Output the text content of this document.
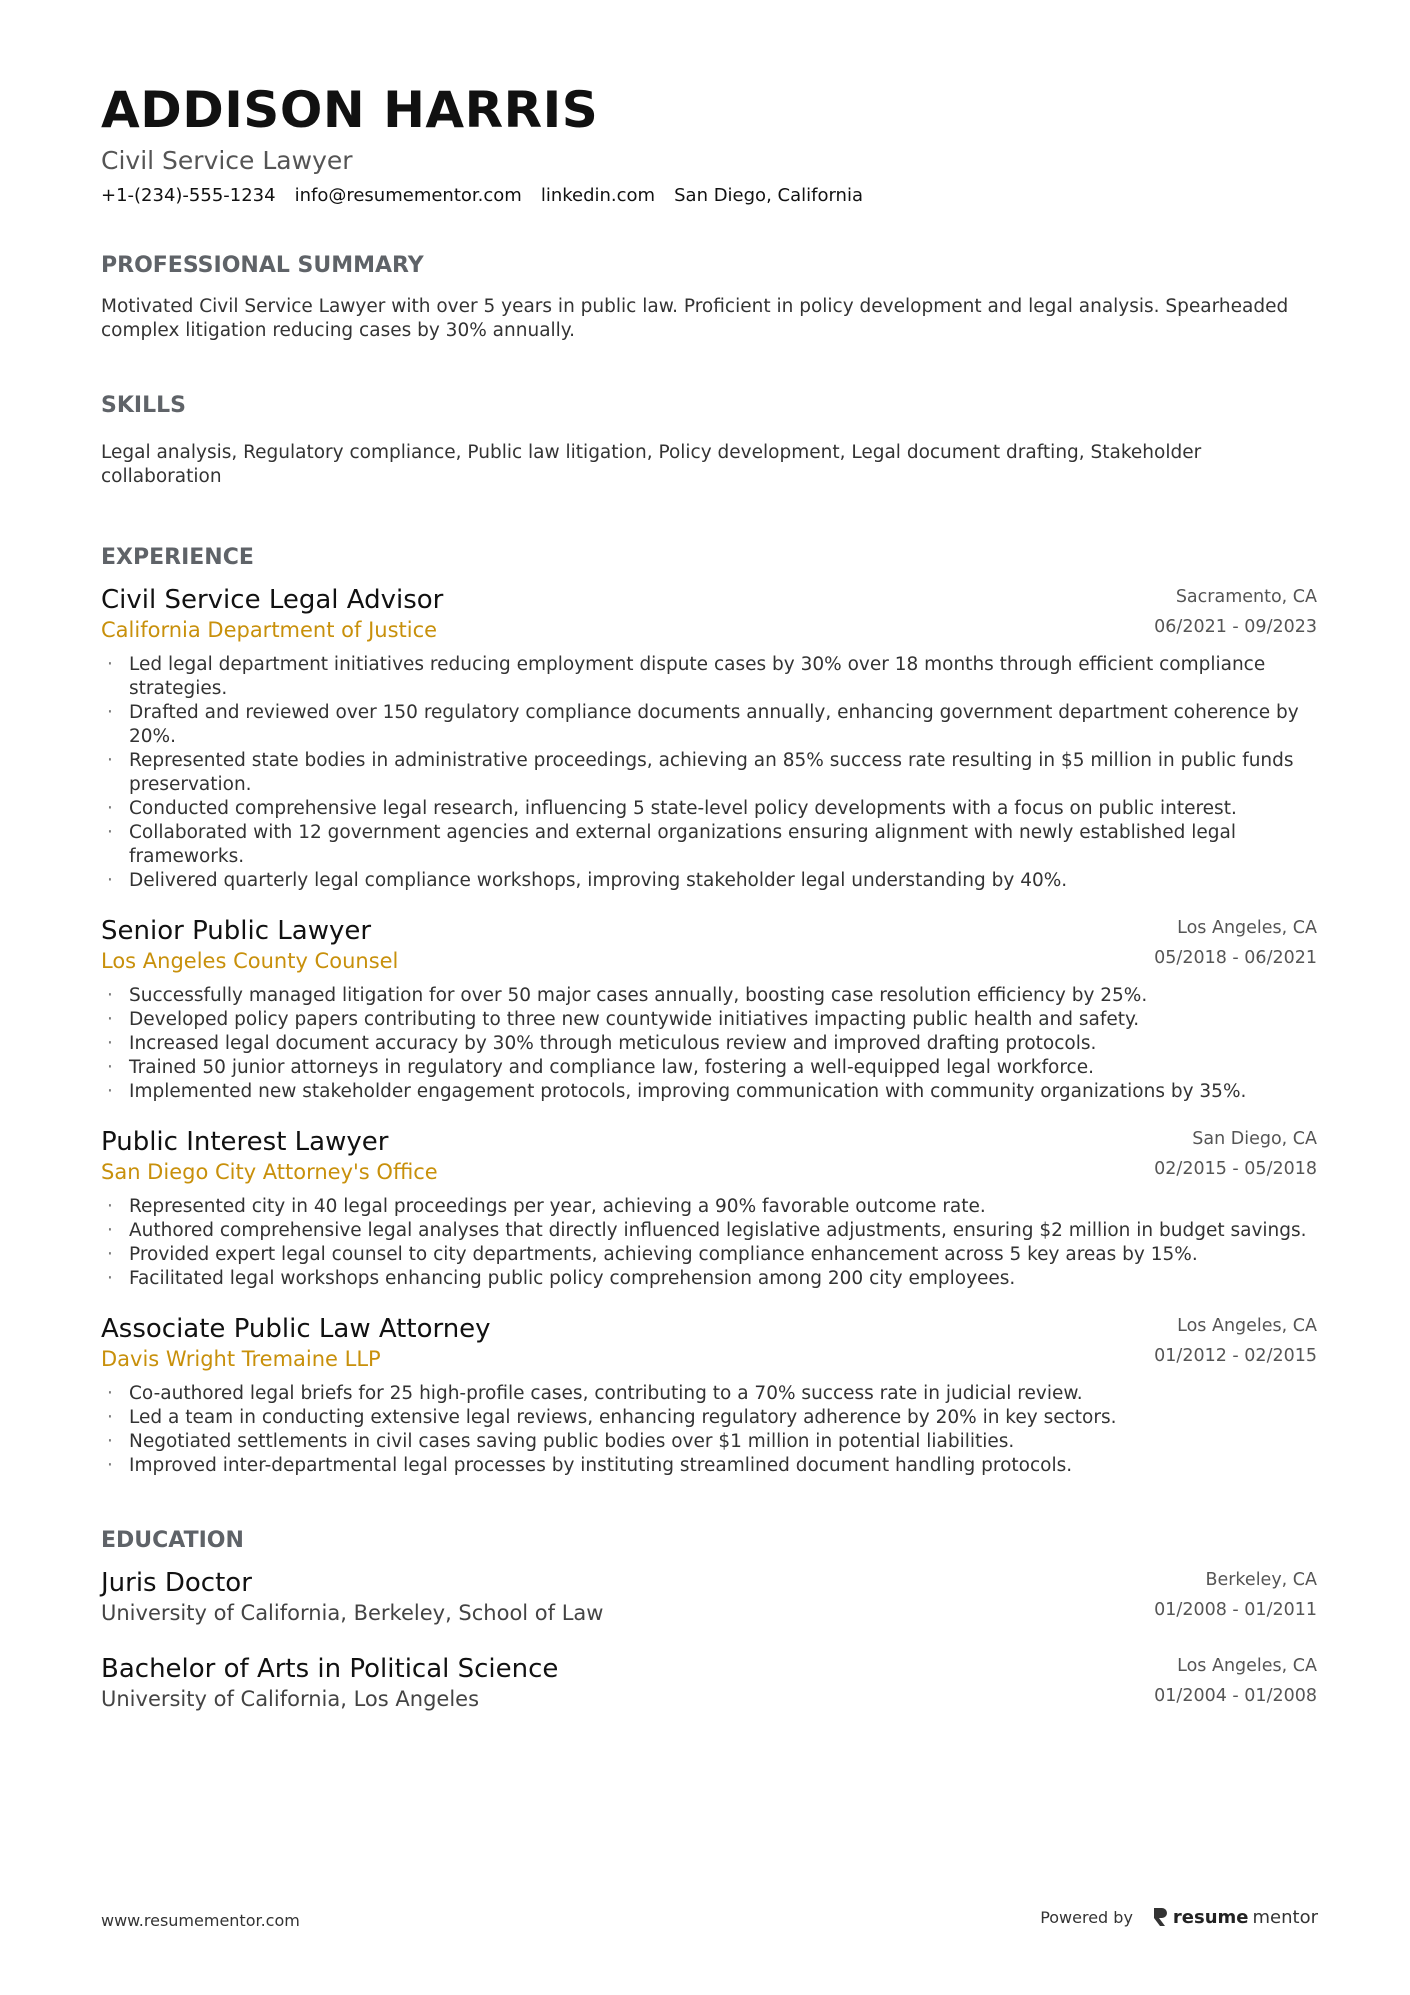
ADDISON HARRIS
Civil Service Lawyer
+1-(234)-555-1234 info@resumementor.com linkedin.com San Diego, California
PROFESSIONAL SUMMARY

Motivated Civil Service Lawyer with over 5 years in public law. Proficient in policy development and legal analysis. Spearheaded complex litigation reducing cases by 30% annually.

SKILLS

Legal analysis, Regulatory compliance, Public law litigation, Policy development, Legal document drafting, Stakeholder collaboration

EXPERIENCE
Civil Service Legal Advisor
California Department of Justice
Sacramento, CA
06/2021 - 09/2023
· Led legal department initiatives reducing employment dispute cases by 30% over 18 months through efficient compliance strategies.
· Drafted and reviewed over 150 regulatory compliance documents annually, enhancing government department coherence by 20%.
· Represented state bodies in administrative proceedings, achieving an 85% success rate resulting in $5 million in public funds preservation.
· Conducted comprehensive legal research, influencing 5 state-level policy developments with a focus on public interest.
· Collaborated with 12 government agencies and external organizations ensuring alignment with newly established legal frameworks.
· Delivered quarterly legal compliance workshops, improving stakeholder legal understanding by 40%.
Senior Public Lawyer
Los Angeles County Counsel
Los Angeles, CA
05/2018 - 06/2021
· Successfully managed litigation for over 50 major cases annually, boosting case resolution efficiency by 25%.
· Developed policy papers contributing to three new countywide initiatives impacting public health and safety.
· Increased legal document accuracy by 30% through meticulous review and improved drafting protocols.
· Trained 50 junior attorneys in regulatory and compliance law, fostering a well-equipped legal workforce.
· Implemented new stakeholder engagement protocols, improving communication with community organizations by 35%.
Public Interest Lawyer
San Diego City Attorney's Office
San Diego, CA
02/2015 - 05/2018
· Represented city in 40 legal proceedings per year, achieving a 90% favorable outcome rate.
· Authored comprehensive legal analyses that directly influenced legislative adjustments, ensuring $2 million in budget savings.
· Provided expert legal counsel to city departments, achieving compliance enhancement across 5 key areas by 15%.
· Facilitated legal workshops enhancing public policy comprehension among 200 city employees.
Associate Public Law Attorney
Davis Wright Tremaine LLP
Los Angeles, CA
01/2012 - 02/2015
· Co-authored legal briefs for 25 high-profile cases, contributing to a 70% success rate in judicial review.
· Led a team in conducting extensive legal reviews, enhancing regulatory adherence by 20% in key sectors.
· Negotiated settlements in civil cases saving public bodies over $1 million in potential liabilities.
· Improved inter-departmental legal processes by instituting streamlined document handling protocols.
EDUCATION
Juris Doctor
University of California, Berkeley, School of Law
Berkeley, CA
01/2008 - 01/2011
Bachelor of Arts in Political Science
University of California, Los Angeles
Los Angeles, CA
01/2004 - 01/2008
www.resumementor.com	Powered by resume mentor
